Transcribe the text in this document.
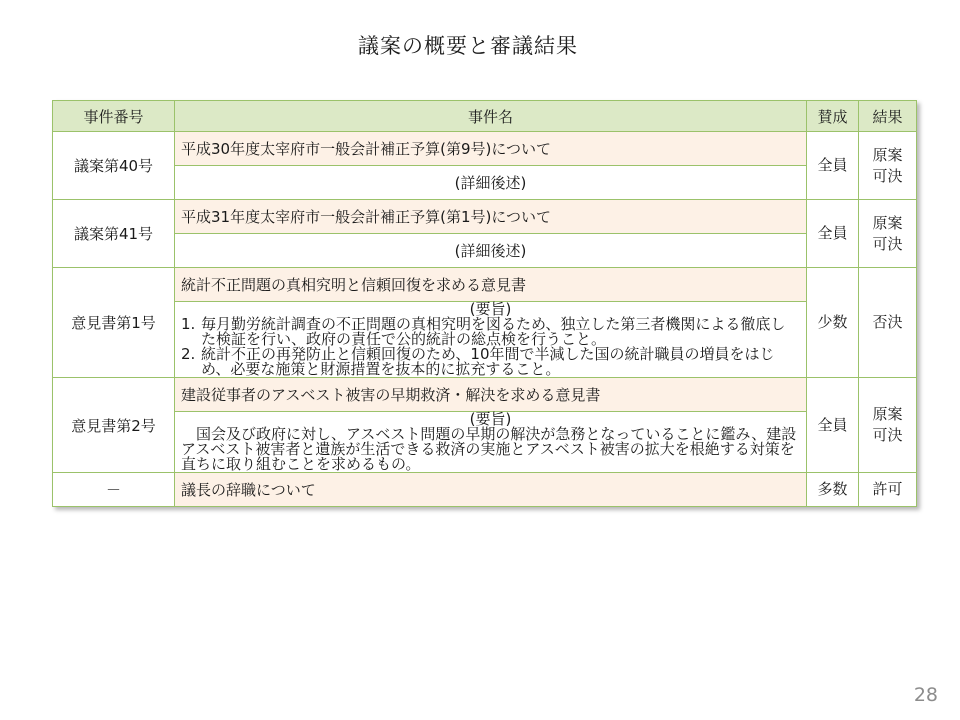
議案の概要と審議結果
事件番号	事件名	賛成	結果
議案第40号	平成30年度太宰府市一般会計補正予算(第9号)について	全員	原案
可決

	(詳細後述)		
議案第41号	平成31年度太宰府市一般会計補正予算(第1号)について	全員	原案
可決

	(詳細後述)		
意見書第1号	統計不正問題の真相究明と信頼回復を求める意見書	少数	否決

	(要旨)
1. 毎月勤労統計調査の不正問題の真相究明を図るため、独立した第三者機関による徹底した検証を行い、政府の責任で公的統計の総点検を行うこと。
2. 統計不正の再発防止と信頼回復のため、10年間で半減した国の統計職員の増員をはじめ、必要な施策と財源措置を抜本的に拡充すること。		

意見書第2号	建設従事者のアスベスト被害の早期救済・解決を求める意見書	全員	原案
可決

	(要旨)
国会及び政府に対し、アスベスト問題の早期の解決が急務となっていることに鑑み、建設アスベスト被害者と遺族が生活できる救済の実施とアスベスト被害の拡大を根絶する対策を直ちに取り組むことを求めるもの。		

－	議長の辞職について	多数	許可
28
